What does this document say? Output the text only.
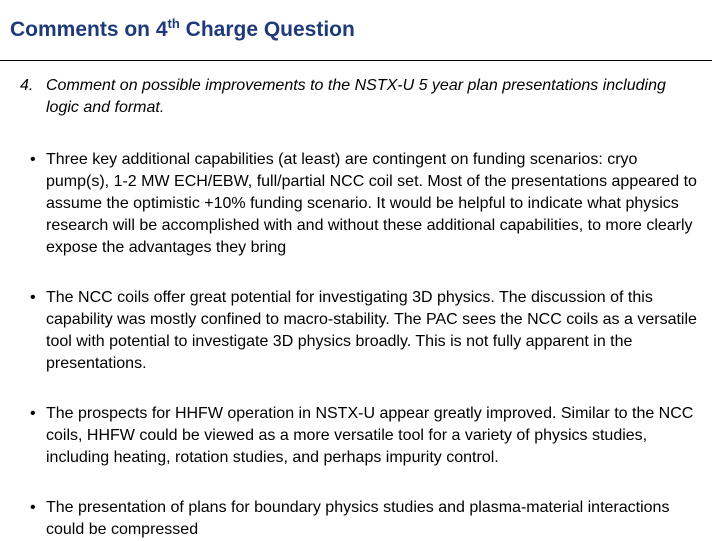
Comments on 4th Charge Question
4. Comment on possible improvements to the NSTX-U 5 year plan presentations including logic and format.
• Three key additional capabilities (at least) are contingent on funding scenarios: cryo pump(s), 1-2 MW ECH/EBW, full/partial NCC coil set. Most of the presentations appeared to assume the optimistic +10% funding scenario. It would be helpful to indicate what physics research will be accomplished with and without these additional capabilities, to more clearly expose the advantages they bring
• The NCC coils offer great potential for investigating 3D physics. The discussion of this capability was mostly confined to macro-stability. The PAC sees the NCC coils as a versatile tool with potential to investigate 3D physics broadly. This is not fully apparent in the presentations.
• The prospects for HHFW operation in NSTX-U appear greatly improved. Similar to the NCC coils, HHFW could be viewed as a more versatile tool for a variety of physics studies, including heating, rotation studies, and perhaps impurity control.
• The presentation of plans for boundary physics studies and plasma-material interactions could be compressed
